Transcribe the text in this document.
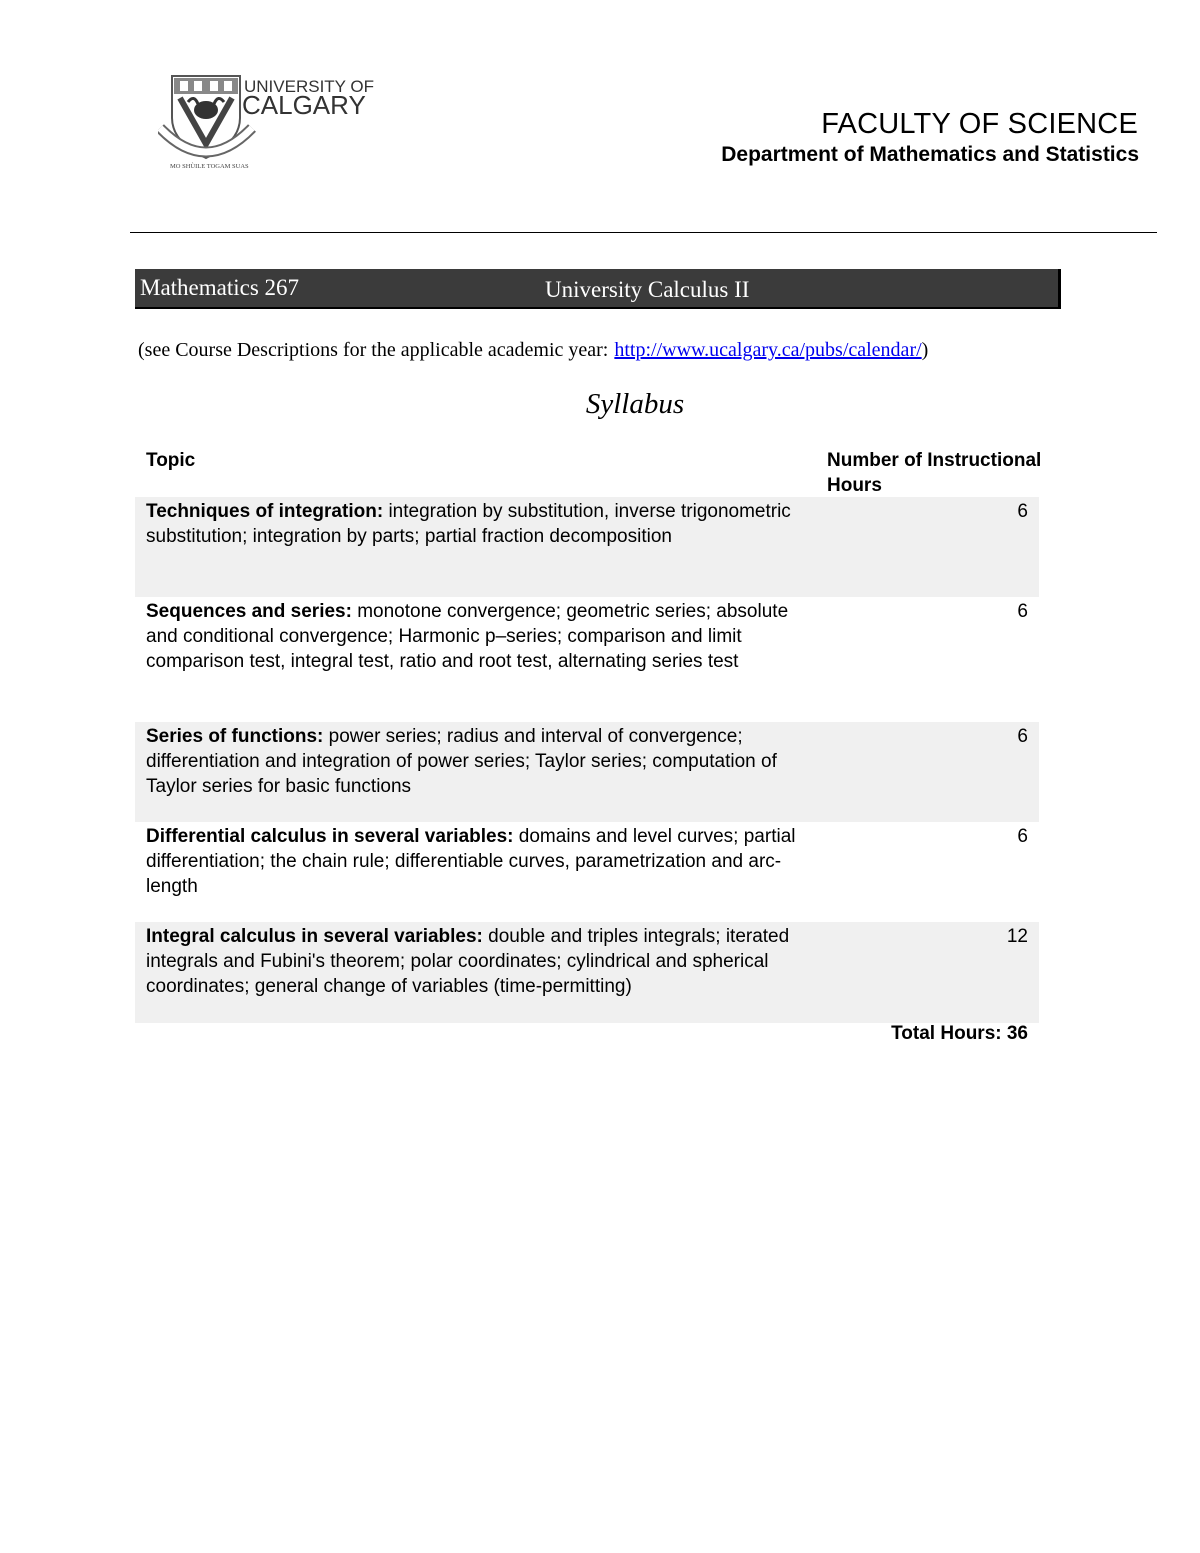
MO SHÙILE TOGAM SUAS
UNIVERSITY OF
CALGARY
FACULTY OF SCIENCE
Department of Mathematics and Statistics
Mathematics 267	University Calculus II
(see Course Descriptions for the applicable academic year: http://www.ucalgary.ca/pubs/calendar/)
Syllabus
Topic	Number of Instructional Hours
Techniques of integration: integration by substitution, inverse trigonometric substitution; integration by parts; partial fraction decomposition
6
Sequences and series: monotone convergence; geometric series; absolute and conditional convergence; Harmonic p–series; comparison and limit comparison test, integral test, ratio and root test, alternating series test
6
Series of functions: power series; radius and interval of convergence; differentiation and integration of power series; Taylor series; computation of Taylor series for basic functions
6
Differential calculus in several variables: domains and level curves; partial differentiation; the chain rule; differentiable curves, parametrization and arc-length
6
Integral calculus in several variables: double and triples integrals; iterated integrals and Fubini's theorem; polar coordinates; cylindrical and spherical coordinates; general change of variables (time-permitting)
12
Total Hours: 36
